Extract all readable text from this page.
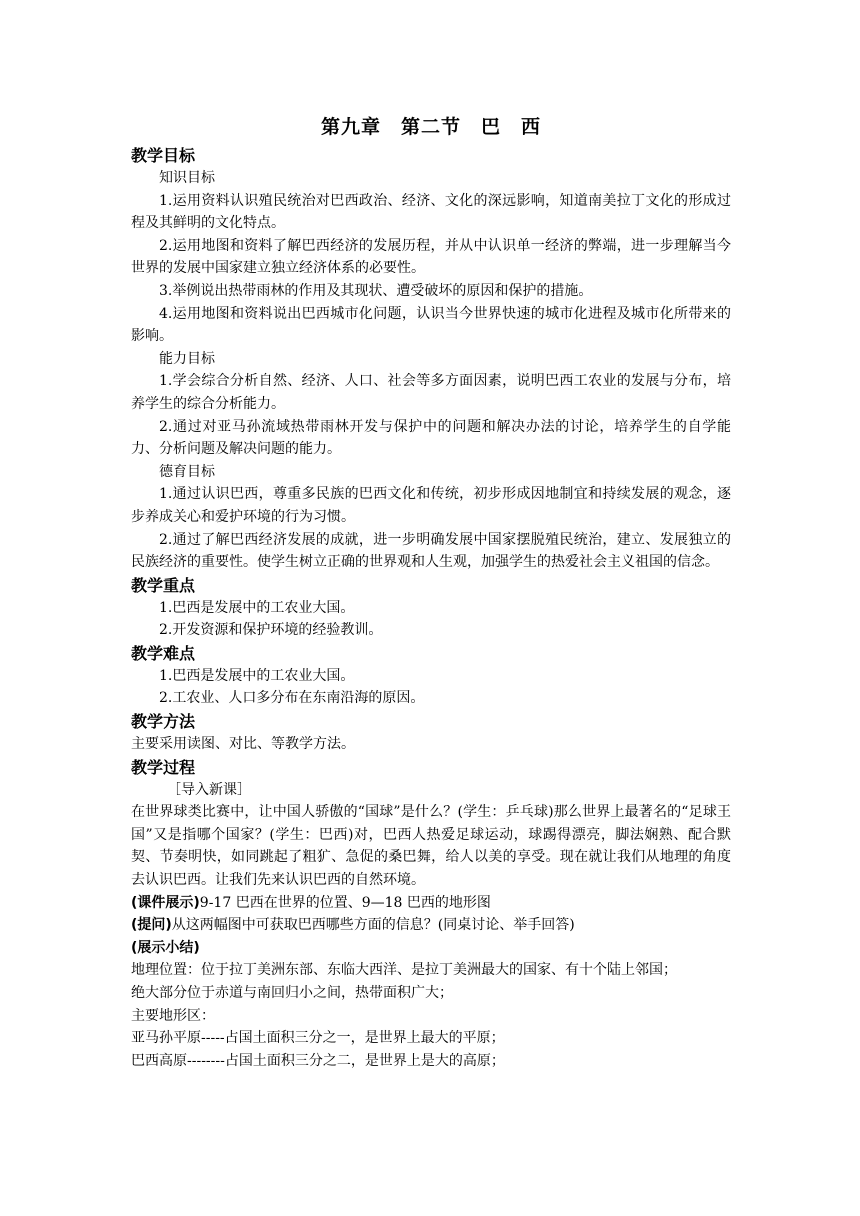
第九章　第二节　巴　西
教学目标
知识目标
1.运用资料认识殖民统治对巴西政治、经济、文化的深远影响，知道南美拉丁文化的形成过程及其鲜明的文化特点。
2.运用地图和资料了解巴西经济的发展历程，并从中认识单一经济的弊端，进一步理解当今世界的发展中国家建立独立经济体系的必要性。
3.举例说出热带雨林的作用及其现状、遭受破坏的原因和保护的措施。
4.运用地图和资料说出巴西城市化问题，认识当今世界快速的城市化进程及城市化所带来的影响。
能力目标
1.学会综合分析自然、经济、人口、社会等多方面因素，说明巴西工农业的发展与分布，培养学生的综合分析能力。
2.通过对亚马孙流域热带雨林开发与保护中的问题和解决办法的讨论，培养学生的自学能力、分析问题及解决问题的能力。
德育目标
1.通过认识巴西，尊重多民族的巴西文化和传统，初步形成因地制宜和持续发展的观念，逐步养成关心和爱护环境的行为习惯。
2.通过了解巴西经济发展的成就，进一步明确发展中国家摆脱殖民统治，建立、发展独立的民族经济的重要性。使学生树立正确的世界观和人生观，加强学生的热爱社会主义祖国的信念。
教学重点
1.巴西是发展中的工农业大国。
2.开发资源和保护环境的经验教训。
教学难点
1.巴西是发展中的工农业大国。
2.工农业、人口多分布在东南沿海的原因。
教学方法
主要采用读图、对比、等教学方法。
教学过程
［导入新课］
在世界球类比赛中，让中国人骄傲的“国球”是什么？(学生：乒乓球)那么世界上最著名的“足球王国”又是指哪个国家？(学生：巴西)对，巴西人热爱足球运动，球踢得漂亮，脚法娴熟、配合默契、节奏明快，如同跳起了粗犷、急促的桑巴舞，给人以美的享受。现在就让我们从地理的角度去认识巴西。让我们先来认识巴西的自然环境。
(课件展示)9-17 巴西在世界的位置、9—18 巴西的地形图
(提问)从这两幅图中可获取巴西哪些方面的信息？(同桌讨论、举手回答)
(展示小结)
地理位置：位于拉丁美洲东部、东临大西洋、是拉丁美洲最大的国家、有十个陆上邻国；
绝大部分位于赤道与南回归小之间，热带面积广大；
主要地形区：
亚马孙平原-----占国土面积三分之一，是世界上最大的平原；
巴西高原--------占国土面积三分之二，是世界上是大的高原；
